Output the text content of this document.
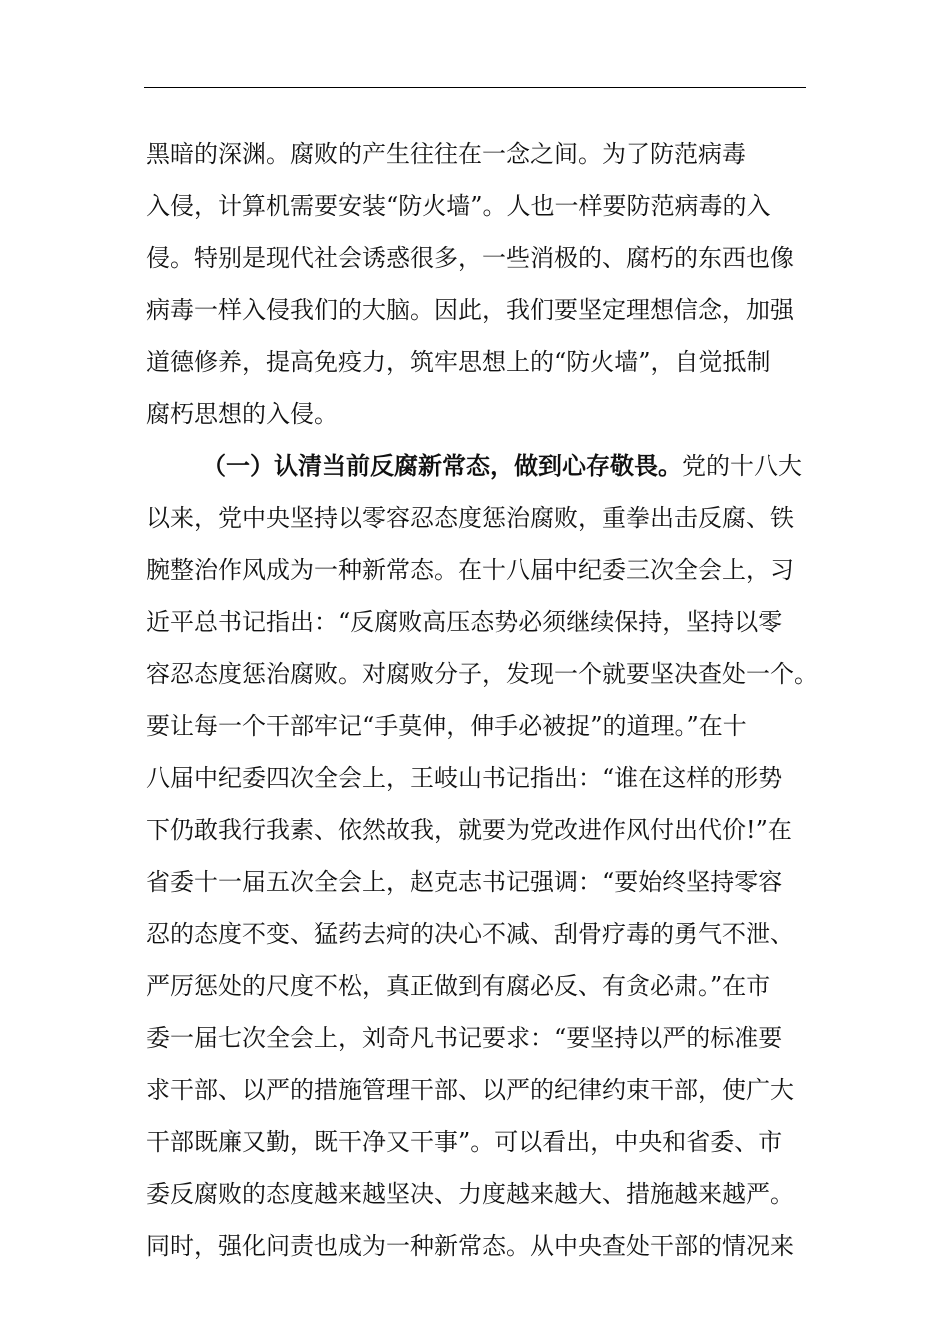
黑暗的深渊。腐败的产生往往在一念之间。为了防范病毒
入侵，计算机需要安装“防火墙”。人也一样要防范病毒的入
侵。特别是现代社会诱惑很多，一些消极的、腐朽的东西也像
病毒一样入侵我们的大脑。因此，我们要坚定理想信念，加强
道德修养，提高免疫力，筑牢思想上的“防火墙”，自觉抵制
腐朽思想的入侵。
（一）认清当前反腐新常态，做到心存敬畏。党的十八大
以来，党中央坚持以零容忍态度惩治腐败，重拳出击反腐、铁
腕整治作风成为一种新常态。在十八届中纪委三次全会上，习
近平总书记指出：“反腐败高压态势必须继续保持，坚持以零
容忍态度惩治腐败。对腐败分子，发现一个就要坚决查处一个。
要让每一个干部牢记“手莫伸，伸手必被捉”的道理。”在十
八届中纪委四次全会上，王岐山书记指出：“谁在这样的形势
下仍敢我行我素、依然故我，就要为党改进作风付出代价!”在
省委十一届五次全会上，赵克志书记强调：“要始终坚持零容
忍的态度不变、猛药去疴的决心不减、刮骨疗毒的勇气不泄、
严厉惩处的尺度不松，真正做到有腐必反、有贪必肃。”在市
委一届七次全会上，刘奇凡书记要求：“要坚持以严的标准要
求干部、以严的措施管理干部、以严的纪律约束干部，使广大
干部既廉又勤，既干净又干事”。可以看出，中央和省委、市
委反腐败的态度越来越坚决、力度越来越大、措施越来越严。
同时，强化问责也成为一种新常态。从中央查处干部的情况来
